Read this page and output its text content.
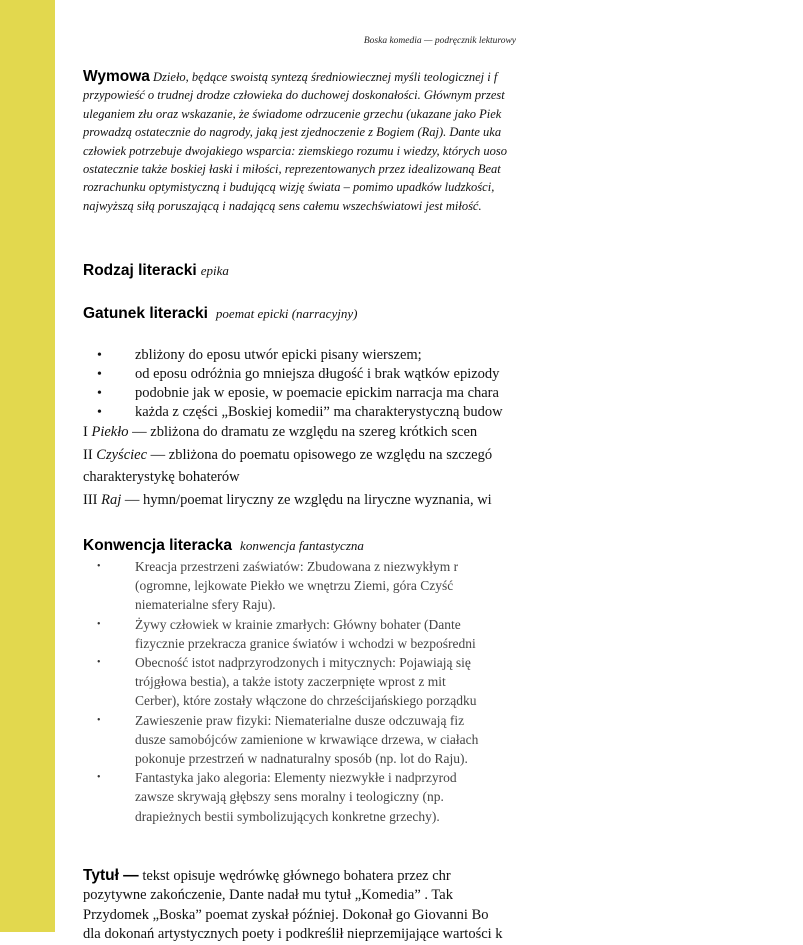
Boska komedia — podręcznik lekturowy
Wymowa Dzieło, będące swoistą syntezą średniowiecznej myśli teologicznej i f
przypowieść o trudnej drodze człowieka do duchowej doskonałości. Głównym przest
uleganiem złu oraz wskazanie, że świadome odrzucenie grzechu (ukazane jako Piek
prowadzą ostatecznie do nagrody, jaką jest zjednoczenie z Bogiem (Raj). Dante uka
człowiek potrzebuje dwojakiego wsparcia: ziemskiego rozumu i wiedzy, których uoso
ostatecznie także boskiej łaski i miłości, reprezentowanych przez idealizowaną Beat
rozrachunku optymistyczną i budującą wizję świata – pomimo upadków ludzkości,
najwyższą siłą poruszającą i nadającą sens całemu wszechświatowi jest miłość.
Rodzaj literacki epika
Gatunek literacki poemat epicki (narracyjny)
• zbliżony do eposu utwór epicki pisany wierszem;
• od eposu odróżnia go mniejsza długość i brak wątków epizody
• podobnie jak w eposie, w poemacie epickim narracja ma chara
• każda z części „Boskiej komedii” ma charakterystyczną budow
I Piekło — zbliżona do dramatu ze względu na szereg krótkich scen
II Czyściec — zbliżona do poematu opisowego ze względu na szczegó
charakterystykę bohaterów
III Raj — hymn/poemat liryczny ze względu na liryczne wyznania, wi
Konwencja literacka konwencja fantastyczna
• Kreacja przestrzeni zaświatów: Zbudowana z niezwykłym r
(ogromne, lejkowate Piekło we wnętrzu Ziemi, góra Czyść
niematerialne sfery Raju).
• Żywy człowiek w krainie zmarłych: Główny bohater (Dante
fizycznie przekracza granice światów i wchodzi w bezpośredni
• Obecność istot nadprzyrodzonych i mitycznych: Pojawiają się
trójgłowa bestia), a także istoty zaczerpnięte wprost z mit
Cerber), które zostały włączone do chrześcijańskiego porządku
• Zawieszenie praw fizyki: Niematerialne dusze odczuwają fiz
dusze samobójców zamienione w krwawiące drzewa, w ciałach
pokonuje przestrzeń w nadnaturalny sposób (np. lot do Raju).
• Fantastyka jako alegoria: Elementy niezwykłe i nadprzyrod
zawsze skrywają głębszy sens moralny i teologiczny (np.
drapieżnych bestii symbolizujących konkretne grzechy).
Tytuł — tekst opisuje wędrówkę głównego bohatera przez chr
pozytywne zakończenie, Dante nadał mu tytuł „Komedia” . Tak
Przydomek „Boska” poemat zyskał później. Dokonał go Giovanni Bo
dla dokonań artystycznych poety i podkreślił nieprzemijające wartości k
